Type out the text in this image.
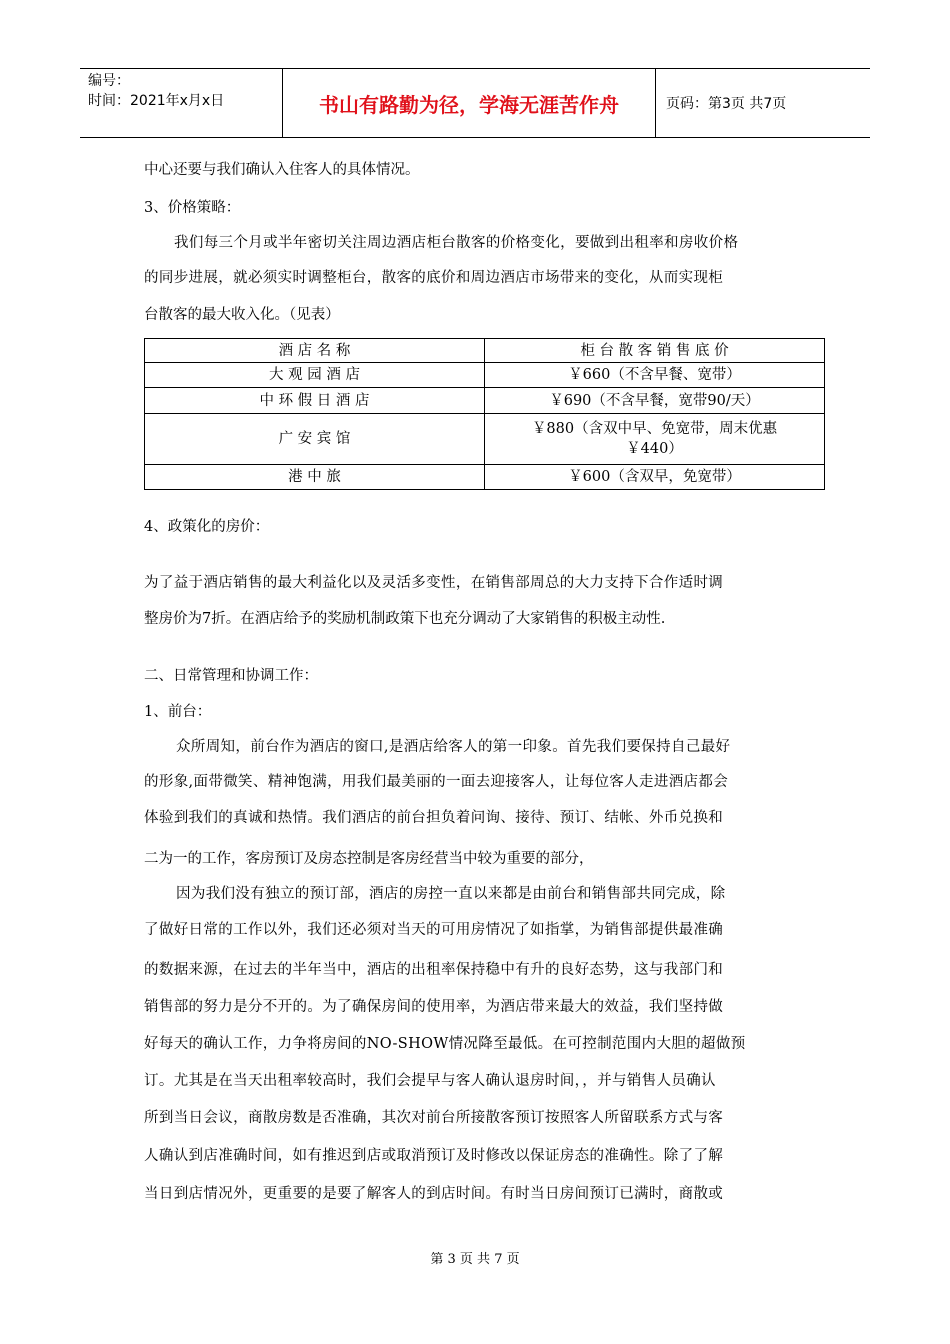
编号：
时间：2021年x月x日	书山有路勤为径，学海无涯苦作舟	页码：第3页 共7页
中心还要与我们确认入住客人的具体情况。
3、价格策略：
我们每三个月或半年密切关注周边酒店柜台散客的价格变化，要做到出租率和房收价格
的同步进展，就必须实时调整柜台，散客的底价和周边酒店市场带来的变化，从而实现柜
台散客的最大收入化。（见表）
酒 店 名 称	柜 台 散 客 销 售 底 价
大 观 园 酒 店	￥660（不含早餐、宽带）
中 环 假 日 酒 店	￥690（不含早餐，宽带90/天）
广 安 宾 馆	￥880（含双中早、免宽带，周末优惠
￥440）

港 中 旅	￥600（含双早，免宽带）
4、政策化的房价：
为了益于酒店销售的最大利益化以及灵活多变性，在销售部周总的大力支持下合作适时调
整房价为7折。在酒店给予的奖励机制政策下也充分调动了大家销售的积极主动性.
二、日常管理和协调工作：
1、前台：
众所周知，前台作为酒店的窗口,是酒店给客人的第一印象。首先我们要保持自己最好
的形象,面带微笑、精神饱满，用我们最美丽的一面去迎接客人，让每位客人走进酒店都会
体验到我们的真诚和热情。我们酒店的前台担负着问询、接待、预订、结帐、外币兑换和
二为一的工作，客房预订及房态控制是客房经营当中较为重要的部分，
因为我们没有独立的预订部，酒店的房控一直以来都是由前台和销售部共同完成，除
了做好日常的工作以外，我们还必须对当天的可用房情况了如指掌，为销售部提供最准确
的数据来源，在过去的半年当中，酒店的出租率保持稳中有升的良好态势，这与我部门和
销售部的努力是分不开的。为了确保房间的使用率，为酒店带来最大的效益，我们坚持做
好每天的确认工作，力争将房间的NO-SHOW情况降至最低。在可控制范围内大胆的超做预
订。尤其是在当天出租率较高时，我们会提早与客人确认退房时间，，并与销售人员确认
所到当日会议，商散房数是否准确，其次对前台所接散客预订按照客人所留联系方式与客
人确认到店准确时间，如有推迟到店或取消预订及时修改以保证房态的准确性。除了了解
当日到店情况外，更重要的是要了解客人的到店时间。有时当日房间预订已满时，商散或
第 3 页 共 7 页
